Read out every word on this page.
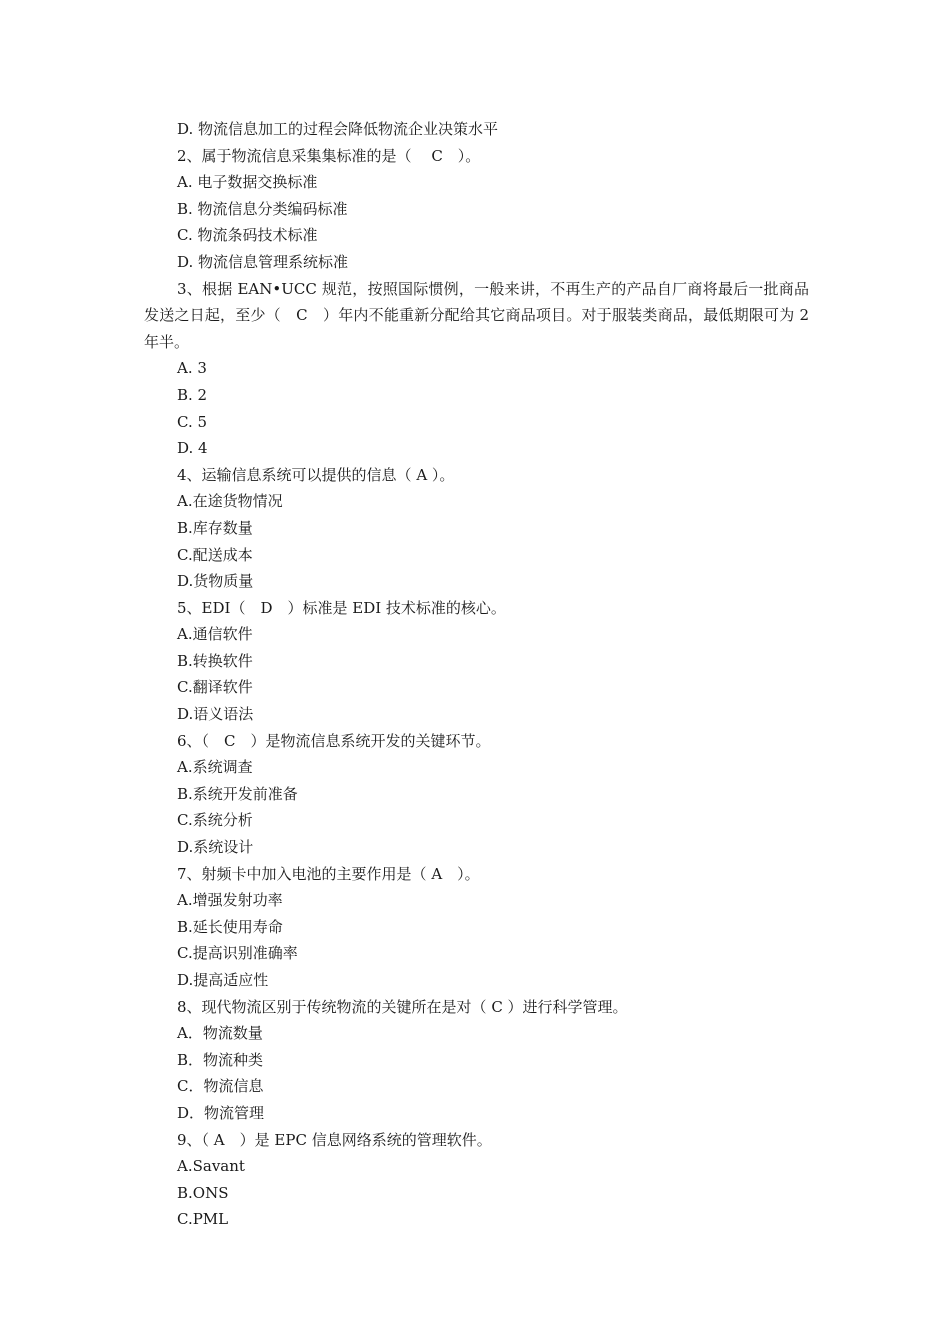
D. 物流信息加工的过程会降低物流企业决策水平
2、属于物流信息采集集标准的是（　 C　）。
A. 电子数据交换标准
B. 物流信息分类编码标准
C. 物流条码技术标准
D. 物流信息管理系统标准
3、根据 EAN•UCC 规范，按照国际惯例，一般来讲，不再生产的产品自厂商将最后一批商品发送之日起，至少（　C　）年内不能重新分配给其它商品项目。对于服装类商品，最低期限可为 2 年半。
A. 3
B. 2
C. 5
D. 4
4、运输信息系统可以提供的信息（ A ）。
A.在途货物情况
B.库存数量
C.配送成本
D.货物质量
5、EDI（　D　）标准是 EDI 技术标准的核心。
A.通信软件
B.转换软件
C.翻译软件
D.语义语法
6、（　C　）是物流信息系统开发的关键环节。
A.系统调查
B.系统开发前准备
C.系统分析
D.系统设计
7、射频卡中加入电池的主要作用是（ A　）。
A.增强发射功率
B.延长使用寿命
C.提高识别准确率
D.提高适应性
8、现代物流区别于传统物流的关键所在是对（ C ）进行科学管理。
A．物流数量
B．物流种类
C．物流信息
D．物流管理
9、（ A　）是 EPC 信息网络系统的管理软件。
A.Savant
B.ONS
C.PML
